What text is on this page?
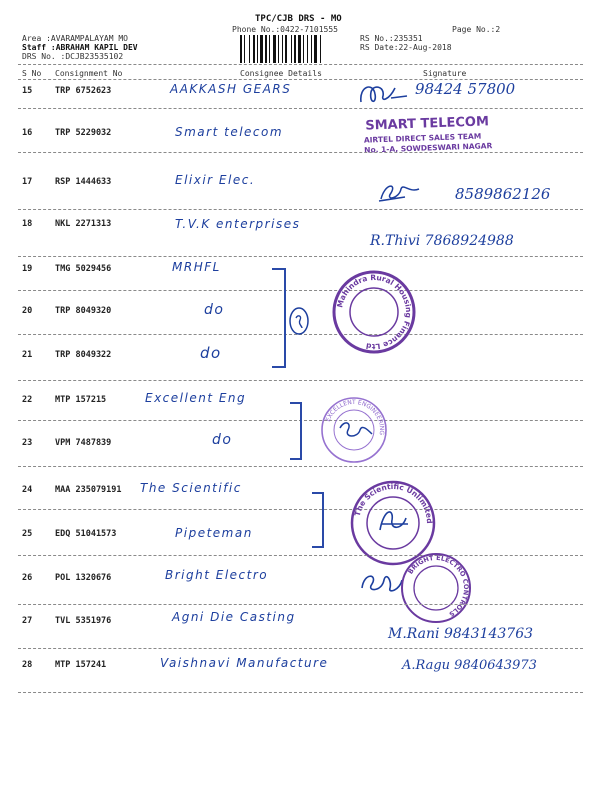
TPC/CJB DRS - MO
Phone No.:0422-7101555	Page No.:2
Area :AVARAMPALAYAM MO
Staff :ABRAHAM KAPIL DEV
DRS No. :DCJB23535102
RS No.:235351
RS Date:22-Aug-2018
S No Consignment No	Consignee Details	Signature
15	TRP 6752623	AAKKASH GEARS	98424 57800
16	TRP 5229032	Smart telecom	SMART TELECOM
AIRTEL DIRECT SALES TEAM
No. 1-A, SOWDESWARI NAGAR
17	RSP 1444633	Elixir Elec.
8589862126
18	NKL 2271313	T.V.K enterprises
R.Thivi 7868924988
19	TMG 5029456	MRHFL
20	TRP 8049320	do
21	TRP 8049322	do
Mahindra Rural Housing Finance Ltd
22	MTP 157215	Excellent Eng
23	VPM 7487839	do
EXCELLENT ENGINEERING
24	MAA 235079191 The Scientific
25	EDQ 51041573	Pipeteman
The Scientific Unlimited
26	POL 1320676	Bright Electro	BRIGHT ELECTRO CONTROLS
27	TVL 5351976	Agni Die Casting
M.Rani 9843143763
28	MTP 157241	Vaishnavi Manufacture	A.Ragu 9840643973
